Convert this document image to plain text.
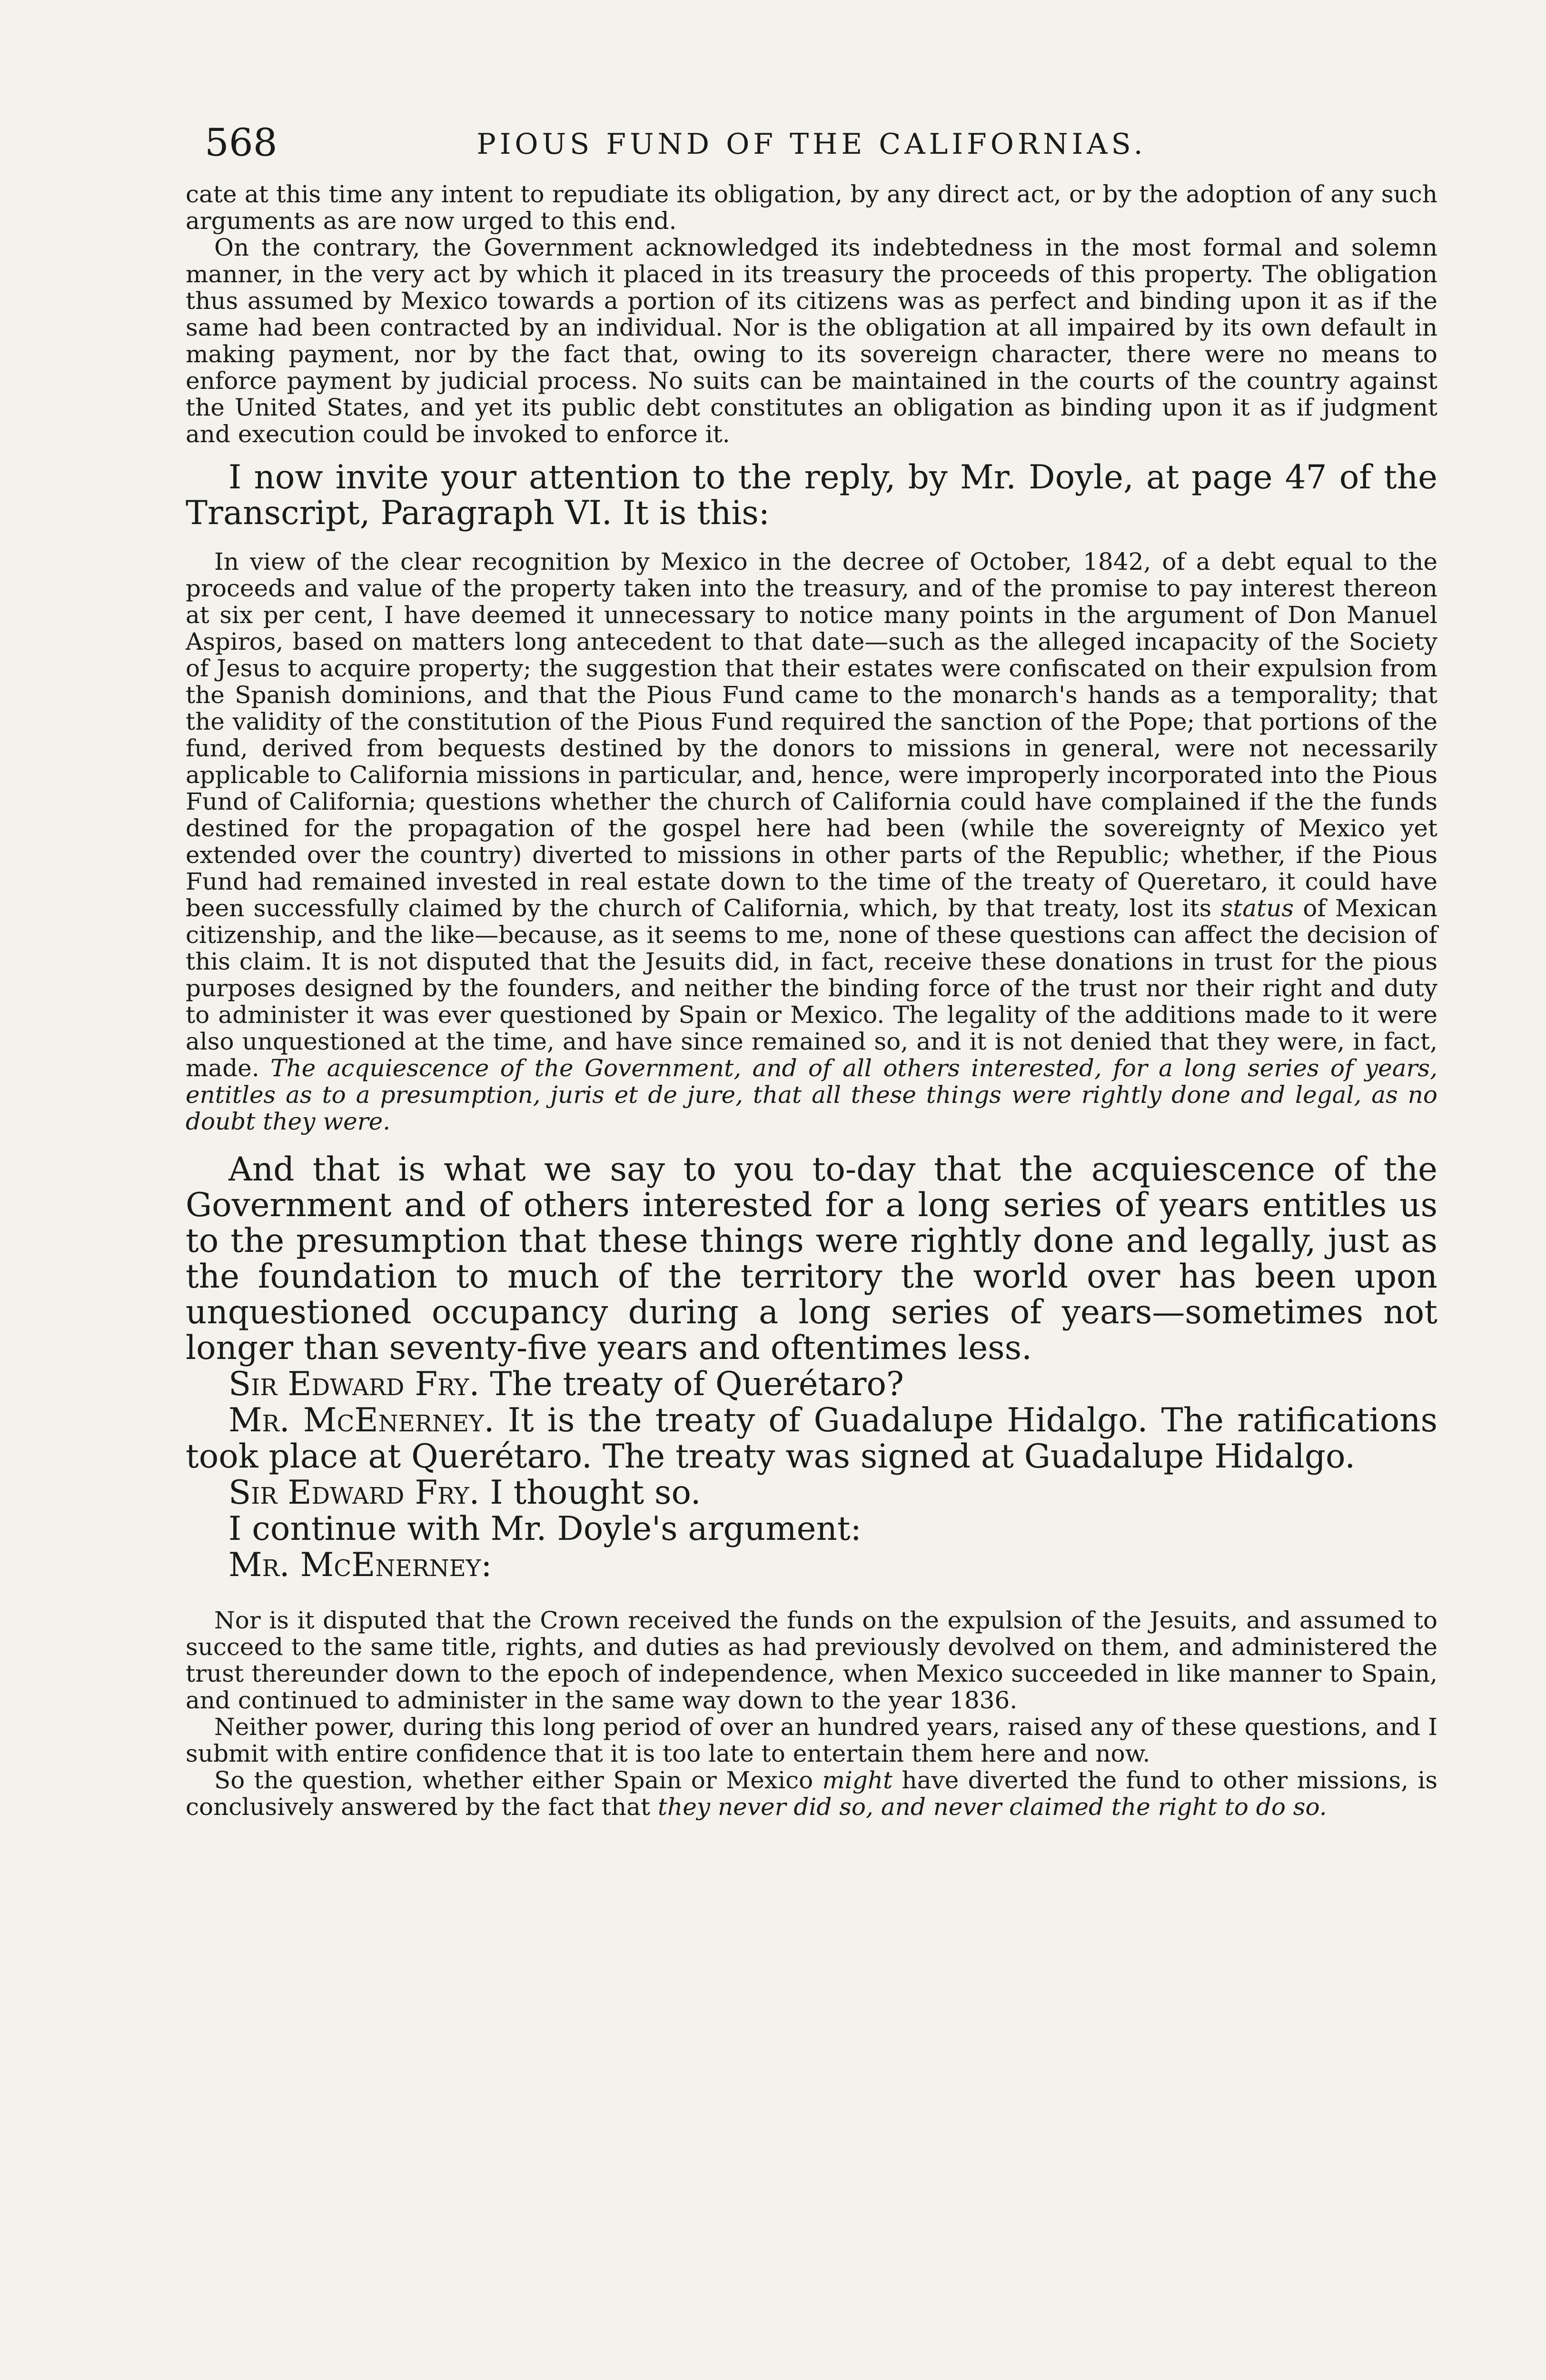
568	PIOUS FUND OF THE CALIFORNIAS.

cate at this time any intent to repudiate its obligation, by any direct act, or by the adoption of any such arguments as are now urged to this end.

On the contrary, the Government acknowledged its indebtedness in the most formal and solemn manner, in the very act by which it placed in its treasury the proceeds of this property. The obligation thus assumed by Mexico towards a portion of its citizens was as perfect and binding upon it as if the same had been contracted by an individual. Nor is the obligation at all impaired by its own default in making payment, nor by the fact that, owing to its sovereign character, there were no means to enforce payment by judicial process. No suits can be maintained in the courts of the country against the United States, and yet its public debt constitutes an obligation as binding upon it as if judgment and execution could be invoked to enforce it.

I now invite your attention to the reply, by Mr. Doyle, at page 47 of the Transcript, Paragraph VI. It is this:

In view of the clear recognition by Mexico in the decree of October, 1842, of a debt equal to the proceeds and value of the property taken into the treasury, and of the promise to pay interest thereon at six per cent, I have deemed it unnecessary to notice many points in the argument of Don Manuel Aspiros, based on matters long antecedent to that date—such as the alleged incapacity of the Society of Jesus to acquire property; the suggestion that their estates were confiscated on their expulsion from the Spanish dominions, and that the Pious Fund came to the monarch's hands as a temporality; that the validity of the constitution of the Pious Fund required the sanction of the Pope; that portions of the fund, derived from bequests destined by the donors to missions in general, were not necessarily applicable to California missions in particular, and, hence, were improperly incorporated into the Pious Fund of California; questions whether the church of California could have complained if the the funds destined for the propagation of the gospel here had been (while the sovereignty of Mexico yet extended over the country) diverted to missions in other parts of the Republic; whether, if the Pious Fund had remained invested in real estate down to the time of the treaty of Queretaro, it could have been successfully claimed by the church of California, which, by that treaty, lost its status of Mexican citizenship, and the like—because, as it seems to me, none of these questions can affect the decision of this claim. It is not disputed that the Jesuits did, in fact, receive these donations in trust for the pious purposes designed by the founders, and neither the binding force of the trust nor their right and duty to administer it was ever questioned by Spain or Mexico. The legality of the additions made to it were also unquestioned at the time, and have since remained so, and it is not denied that they were, in fact, made. The acquiescence of the Government, and of all others interested, for a long series of years, entitles as to a presumption, juris et de jure, that all these things were rightly done and legal, as no doubt they were.

And that is what we say to you to-day that the acquiescence of the Government and of others interested for a long series of years entitles us to the presumption that these things were rightly done and legally, just as the foundation to much of the territory the world over has been upon unquestioned occupancy during a long series of years—sometimes not longer than seventy-five years and oftentimes less.

Sir Edward Fry. The treaty of Querétaro?

Mr. McEnerney. It is the treaty of Guadalupe Hidalgo. The ratifications took place at Querétaro. The treaty was signed at Guadalupe Hidalgo.

Sir Edward Fry. I thought so.

I continue with Mr. Doyle's argument:

Mr. McEnerney:

Nor is it disputed that the Crown received the funds on the expulsion of the Jesuits, and assumed to succeed to the same title, rights, and duties as had previously devolved on them, and administered the trust thereunder down to the epoch of independence, when Mexico succeeded in like manner to Spain, and continued to administer in the same way down to the year 1836.

Neither power, during this long period of over an hundred years, raised any of these questions, and I submit with entire confidence that it is too late to entertain them here and now.

So the question, whether either Spain or Mexico might have diverted the fund to other missions, is conclusively answered by the fact that they never did so, and never claimed the right to do so.
